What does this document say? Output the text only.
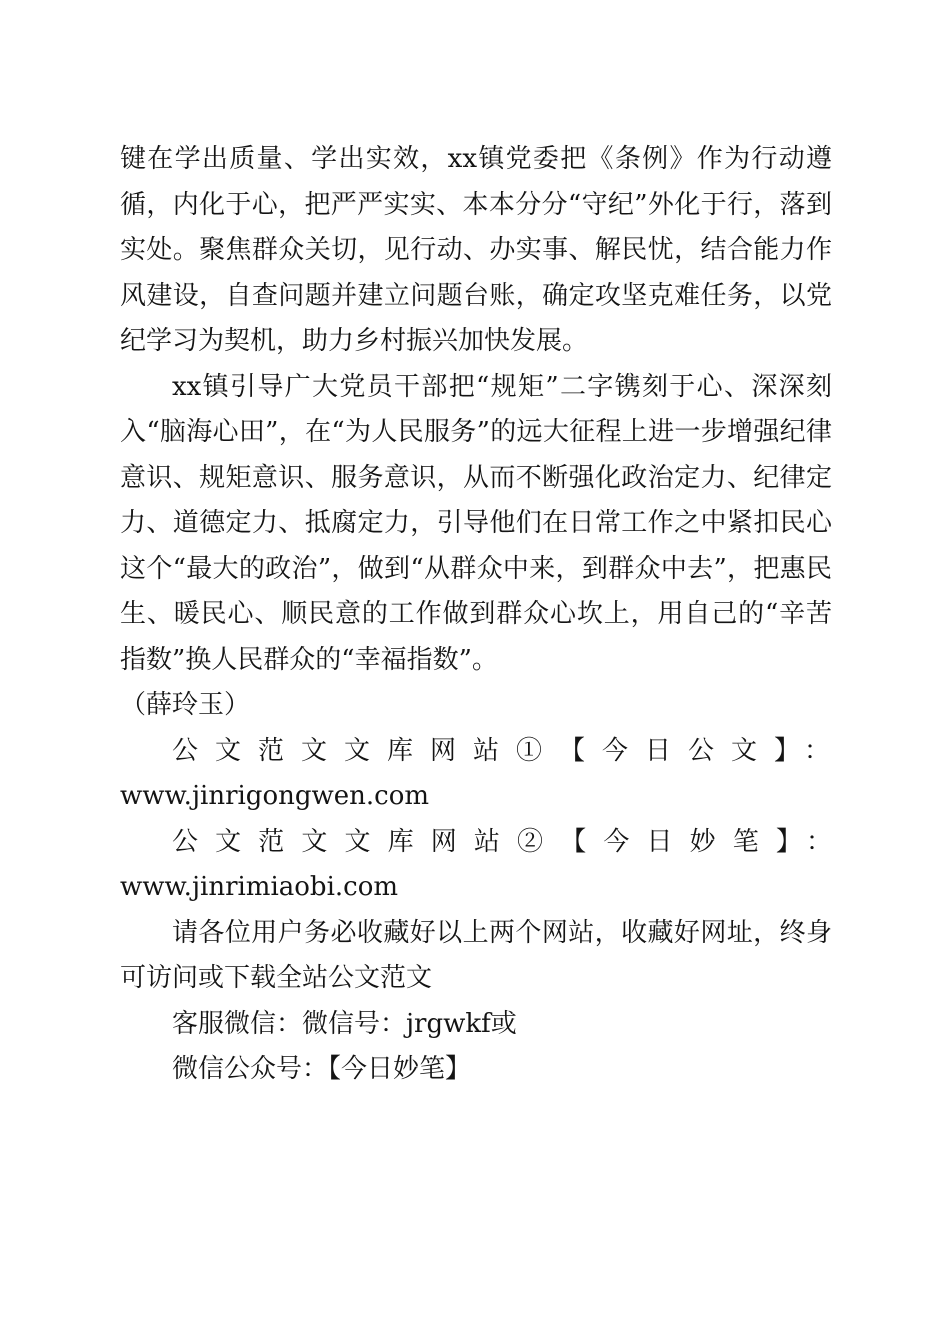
键在学出质量、学出实效，xx镇党委把《条例》作为行动遵循，内化于心，把严严实实、本本分分“守纪”外化于行，落到实处。聚焦群众关切，见行动、办实事、解民忧，结合能力作风建设，自查问题并建立问题台账，确定攻坚克难任务，以党纪学习为契机，助力乡村振兴加快发展。

xx镇引导广大党员干部把“规矩”二字镌刻于心、深深刻入“脑海心田”，在“为人民服务”的远大征程上进一步增强纪律意识、规矩意识、服务意识，从而不断强化政治定力、纪律定力、道德定力、抵腐定力，引导他们在日常工作之中紧扣民心这个“最大的政治”，做到“从群众中来，到群众中去”，把惠民生、暖民心、顺民意的工作做到群众心坎上，用自己的“辛苦指数”换人民群众的“幸福指数”。

（薛玲玉）

公文范文文库网站①【今日公文】：

www.jinrigongwen.com

公文范文文库网站②【今日妙笔】：www.jinrimiaobi.com

请各位用户务必收藏好以上两个网站，收藏好网址，终身可访问或下载全站公文范文

客服微信：微信号：jrgwkf或

微信公众号：【今日妙笔】
